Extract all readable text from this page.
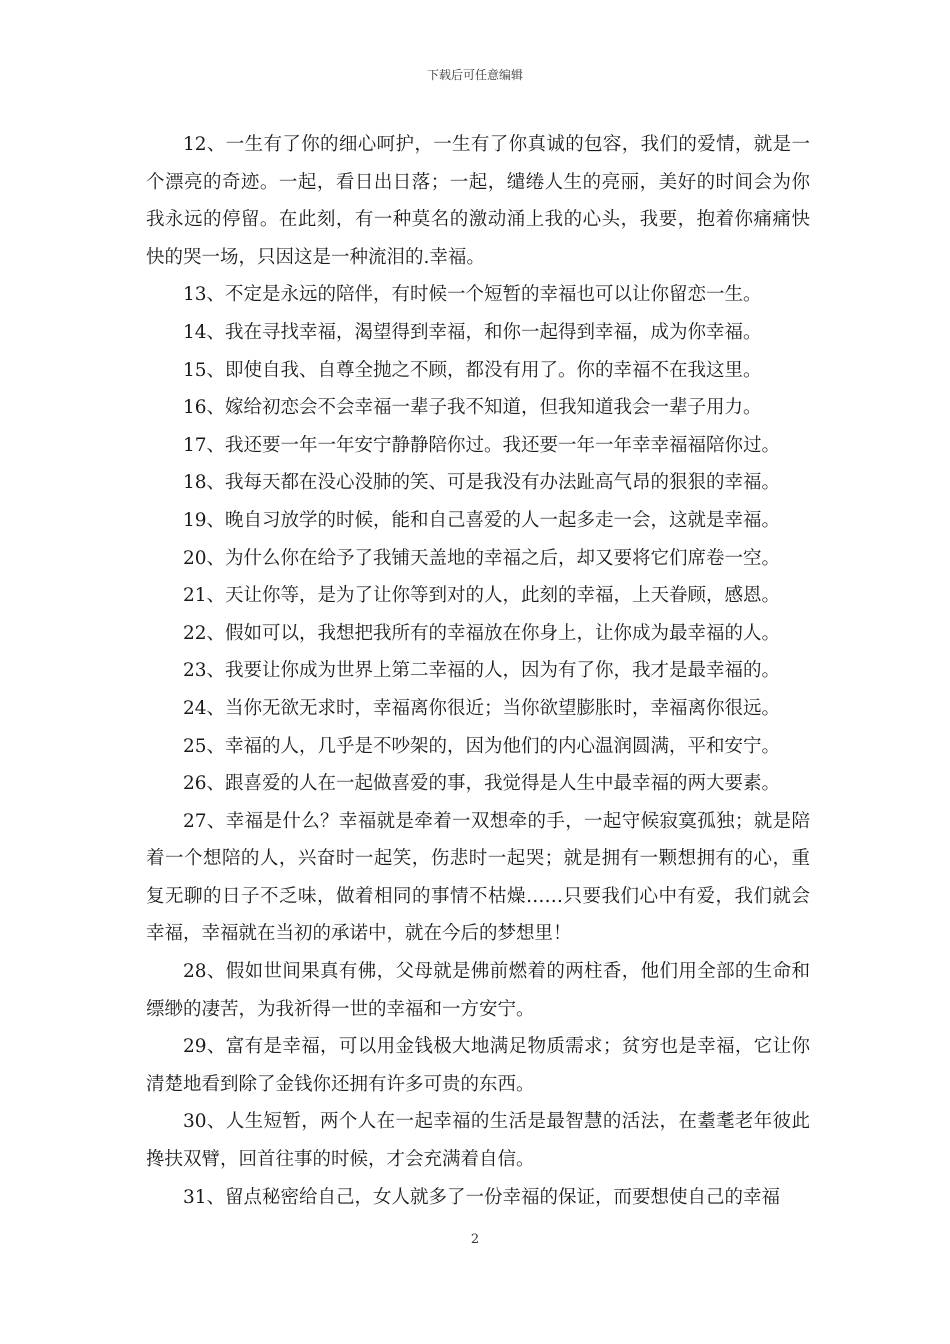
下载后可任意编辑

12、一生有了你的细心呵护，一生有了你真诚的包容，我们的爱情，就是一个漂亮的奇迹。一起，看日出日落；一起，缱绻人生的亮丽，美好的时间会为你我永远的停留。在此刻，有一种莫名的激动涌上我的心头，我要，抱着你痛痛快快的哭一场，只因这是一种流泪的.幸福。

13、不定是永远的陪伴，有时候一个短暂的幸福也可以让你留恋一生。

14、我在寻找幸福，渴望得到幸福，和你一起得到幸福，成为你幸福。

15、即使自我、自尊全抛之不顾，都没有用了。你的幸福不在我这里。

16、嫁给初恋会不会幸福一辈子我不知道，但我知道我会一辈子用力。

17、我还要一年一年安宁静静陪你过。我还要一年一年幸幸福福陪你过。

18、我每天都在没心没肺的笑、可是我没有办法趾高气昂的狠狠的幸福。

19、晚自习放学的时候，能和自己喜爱的人一起多走一会，这就是幸福。

20、为什么你在给予了我铺天盖地的幸福之后，却又要将它们席卷一空。

21、天让你等，是为了让你等到对的人，此刻的幸福，上天眷顾，感恩。

22、假如可以，我想把我所有的幸福放在你身上，让你成为最幸福的人。

23、我要让你成为世界上第二幸福的人，因为有了你，我才是最幸福的。

24、当你无欲无求时，幸福离你很近；当你欲望膨胀时，幸福离你很远。

25、幸福的人，几乎是不吵架的，因为他们的内心温润圆满，平和安宁。

26、跟喜爱的人在一起做喜爱的事，我觉得是人生中最幸福的两大要素。

27、幸福是什么？幸福就是牵着一双想牵的手，一起守候寂寞孤独；就是陪着一个想陪的人，兴奋时一起笑，伤悲时一起哭；就是拥有一颗想拥有的心，重复无聊的日子不乏味，做着相同的事情不枯燥……只要我们心中有爱，我们就会幸福，幸福就在当初的承诺中，就在今后的梦想里！

28、假如世间果真有佛，父母就是佛前燃着的两柱香，他们用全部的生命和缥缈的凄苦，为我祈得一世的幸福和一方安宁。

29、富有是幸福，可以用金钱极大地满足物质需求；贫穷也是幸福，它让你清楚地看到除了金钱你还拥有许多可贵的东西。

30、人生短暂，两个人在一起幸福的生活是最智慧的活法，在耋耄老年彼此搀扶双臂，回首往事的时候，才会充满着自信。

31、留点秘密给自己，女人就多了一份幸福的保证，而要想使自己的幸福

2
